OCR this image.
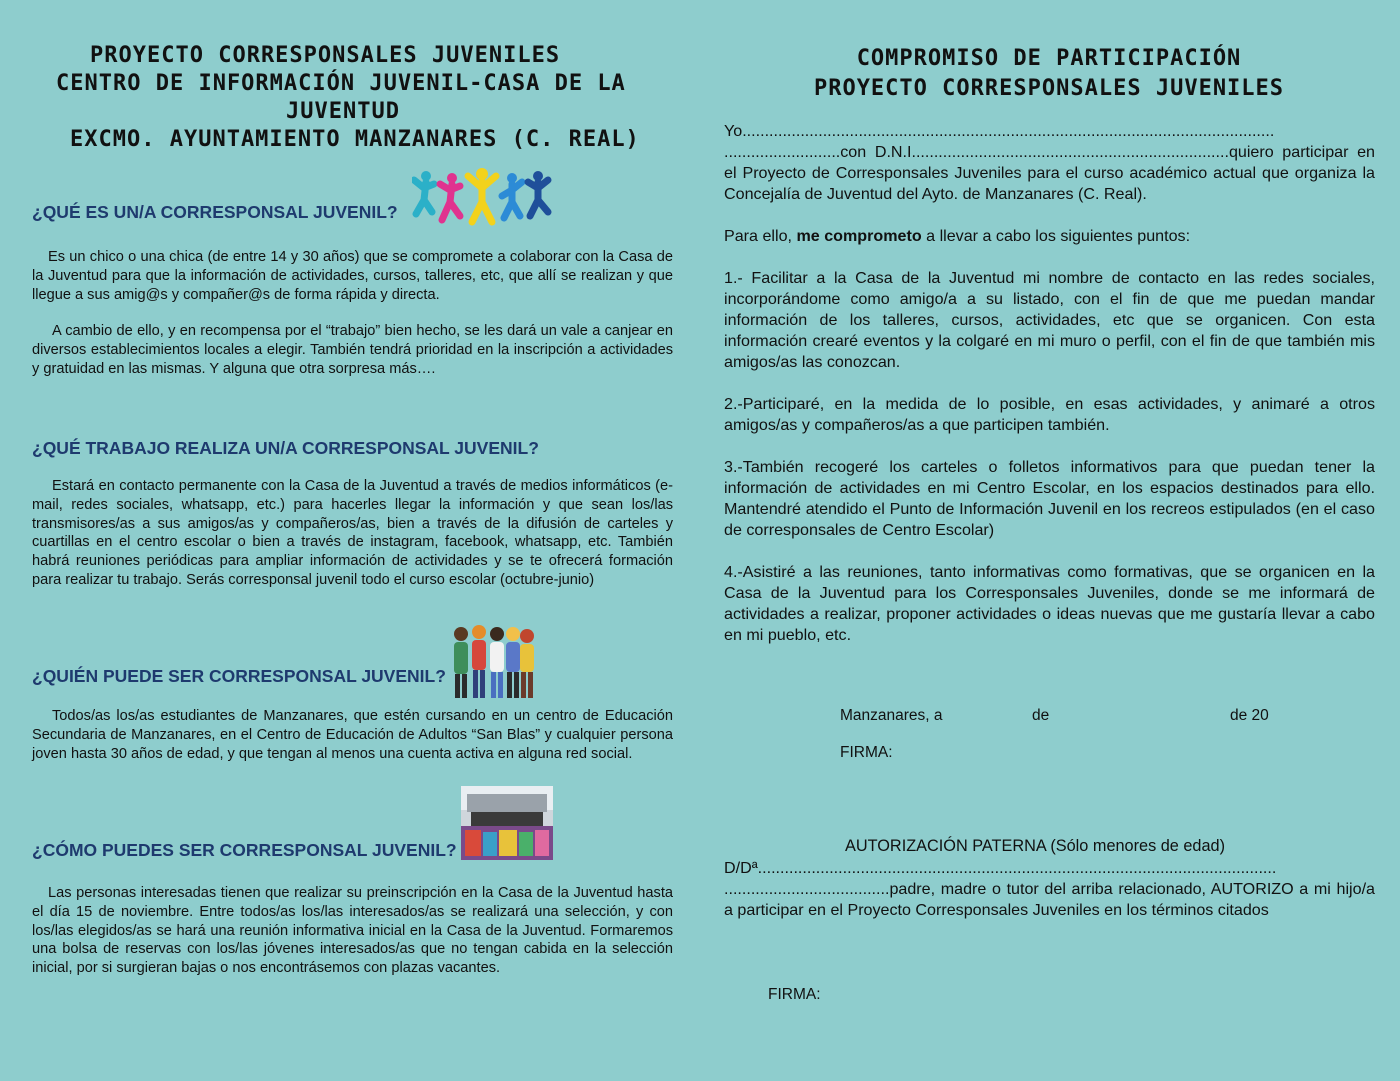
PROYECTO CORRESPONSALES JUVENILES

CENTRO DE INFORMACIÓN JUVENIL-CASA DE LA

JUVENTUD

EXCMO. AYUNTAMIENTO MANZANARES (C. REAL)

¿QUÉ ES UN/A CORRESPONSAL JUVENIL?

Es un chico o una chica (de entre 14 y 30 años) que se compromete a colaborar con la Casa de la Juventud para que la información de actividades, cursos, talleres, etc, que allí se realizan y que llegue a sus amig@s y compañer@s de forma rápida y directa.

A cambio de ello, y en recompensa por el “trabajo” bien hecho, se les dará un vale a canjear en diversos establecimientos locales a elegir. También tendrá prioridad en la inscripción a actividades y gratuidad en las mismas. Y alguna que otra sorpresa más….

¿QUÉ TRABAJO REALIZA UN/A CORRESPONSAL JUVENIL?

Estará en contacto permanente con la Casa de la Juventud a través de medios informáticos (e-mail, redes sociales, whatsapp, etc.) para hacerles llegar la información y que sean los/las transmisores/as a sus amigos/as y compañeros/as, bien a través de la difusión de carteles y cuartillas en el centro escolar o bien a través de instagram, facebook, whatsapp, etc. También habrá reuniones periódicas para ampliar información de actividades y se te ofrecerá formación para realizar tu trabajo. Serás corresponsal juvenil todo el curso escolar (octubre-junio)

¿QUIÉN PUEDE SER CORRESPONSAL JUVENIL?

Todos/as los/as estudiantes de Manzanares, que estén cursando en un centro de Educación Secundaria de Manzanares, en el Centro de Educación de Adultos “San Blas” y cualquier persona joven hasta 30 años de edad, y que tengan al menos una cuenta activa en alguna red social.

¿CÓMO PUEDES SER CORRESPONSAL JUVENIL?

Las personas interesadas tienen que realizar su preinscripción en la Casa de la Juventud hasta el día 15 de noviembre. Entre todos/as los/las interesados/as se realizará una selección, y con los/las elegidos/as se hará una reunión informativa inicial en la Casa de la Juventud. Formaremos una bolsa de reservas con los/las jóvenes interesados/as que no tengan cabida en la selección inicial, por si surgieran bajas o nos encontrásemos con plazas vacantes.

COMPROMISO DE PARTICIPACIÓN

PROYECTO CORRESPONSALES JUVENILES

Yo.......................................................................................................................

..........................con D.N.I.......................................................................quiero participar en el Proyecto de Corresponsales Juveniles para el curso académico actual que organiza la Concejalía de Juventud del Ayto. de Manzanares (C. Real).

Para ello, me comprometo a llevar a cabo los siguientes puntos:

1.- Facilitar a la Casa de la Juventud mi nombre de contacto en las redes sociales, incorporándome como amigo/a a su listado, con el fin de que me puedan mandar información de los talleres, cursos, actividades, etc que se organicen. Con esta información crearé eventos y la colgaré en mi muro o perfil, con el fin de que también mis amigos/as las conozcan.

2.-Participaré, en la medida de lo posible, en esas actividades, y animaré a otros amigos/as y compañeros/as a que participen también.

3.-También recogeré los carteles o folletos informativos para que puedan tener la información de actividades en mi Centro Escolar, en los espacios destinados para ello. Mantendré atendido el Punto de Información Juvenil en los recreos estipulados (en el caso de corresponsales de Centro Escolar)

4.-Asistiré a las reuniones, tanto informativas como formativas, que se organicen en la Casa de la Juventud para los Corresponsales Juveniles, donde se me informará de actividades a realizar, proponer actividades o ideas nuevas que me gustaría llevar a cabo en mi pueblo, etc.

Manzanares, a	de	de 20
FIRMA:
AUTORIZACIÓN PATERNA (Sólo menores de edad)

D/Dª....................................................................................................................

.....................................padre, madre o tutor del arriba relacionado, AUTORIZO a mi hijo/a a participar en el Proyecto Corresponsales Juveniles en los términos citados

FIRMA:
